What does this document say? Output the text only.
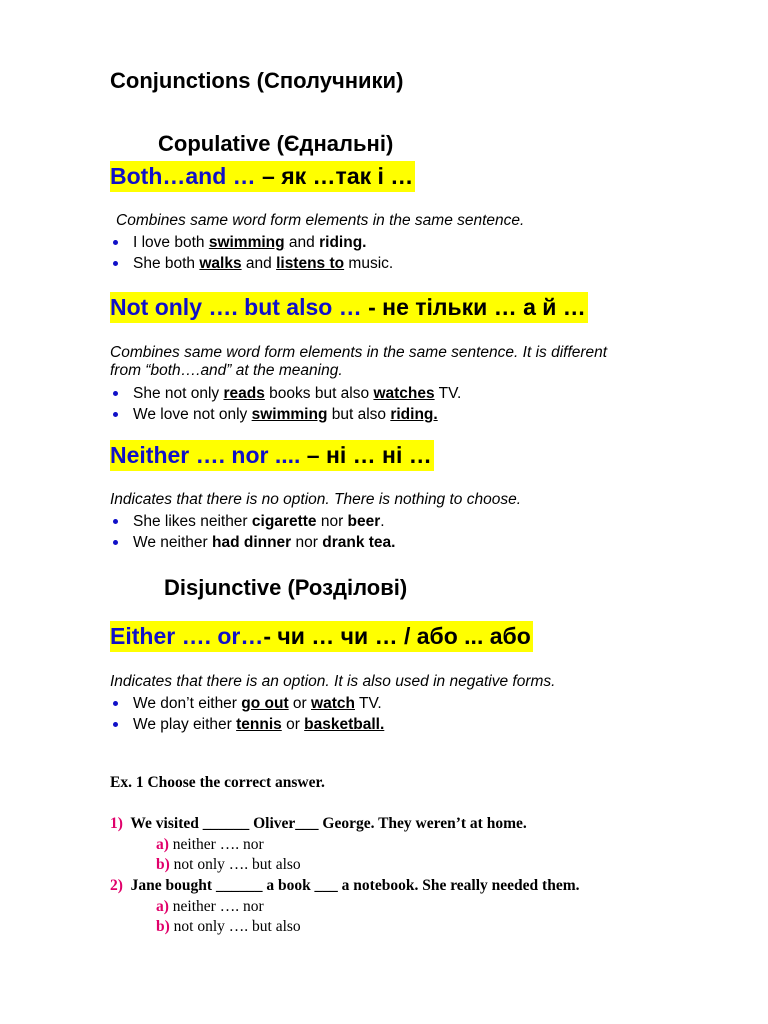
Conjunctions (Сполучники)
Copulative (Єднальні)
Both…and … – як …так і …
Combines same word form elements in the same sentence.
I love both swimming and riding.
She both walks and listens to music.
Not only …. but also … - не тільки … а й …
Combines same word form elements in the same sentence. It is different
from “both….and” at the meaning.
She not only reads books but also watches TV.
We love not only swimming but also riding.
Neither …. nor .... – ні … ні …
Indicates that there is no option. There is nothing to choose.
She likes neither cigarette nor beer.
We neither had dinner nor drank tea.
Disjunctive (Розділові)
Either …. or…- чи … чи … / або ... або
Indicates that there is an option. It is also used in negative forms.
We don’t either go out or watch TV.
We play either tennis or basketball.
Ex. 1 Choose the correct answer.
1) We visited ______ Oliver___ George. They weren’t at home.
a) neither …. nor
b) not only …. but also
2) Jane bought ______ a book ___ a notebook. She really needed them.
a) neither …. nor
b) not only …. but also
